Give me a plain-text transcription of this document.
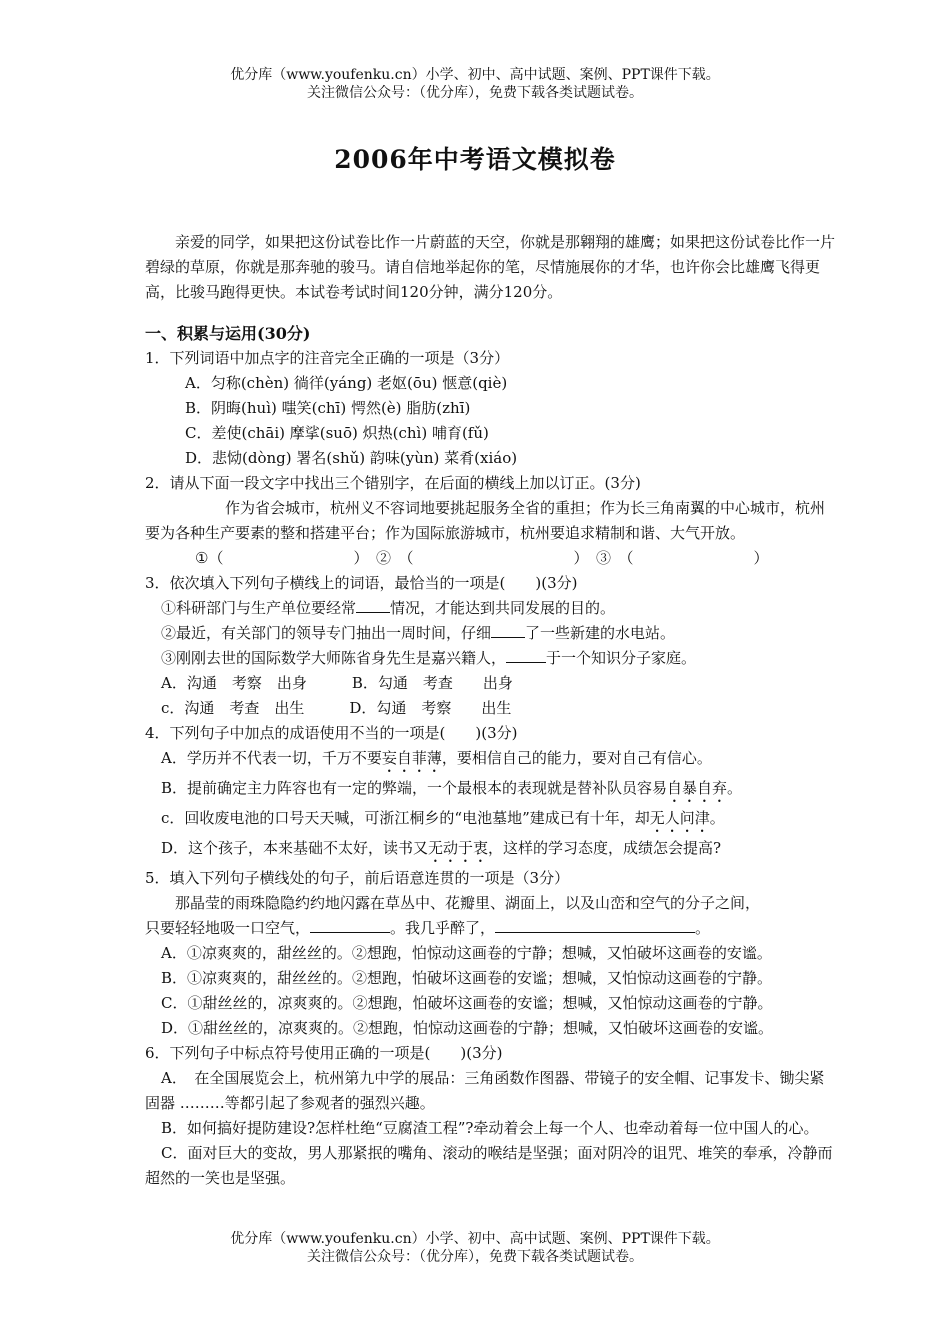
优分库（www.youfenku.cn）小学、初中、高中试题、案例、PPT课件下载。
关注微信公众号：（优分库），免费下载各类试题试卷。
2006年中考语文模拟卷

亲爱的同学，如果把这份试卷比作一片蔚蓝的天空，你就是那翱翔的雄鹰；如果把这份试卷比作一片碧绿的草原，你就是那奔驰的骏马。请自信地举起你的笔，尽情施展你的才华，也许你会比雄鹰飞得更高，比骏马跑得更快。本试卷考试时间120分钟，满分120分。

一、积累与运用(30分)
1．下列词语中加点字的注音完全正确的一项是（3分）
A．匀称(chèn) 徜徉(yáng) 老妪(ōu) 惬意(qiè)
B．阴晦(huì) 嗤笑(chī) 愕然(è) 脂肪(zhī)
C．差使(chāi) 摩挲(suō) 炽热(chì) 哺育(fǔ)
D．悲恸(dòng) 署名(shǔ) 韵味(yùn) 菜肴(xiáo)
2．请从下面一段文字中找出三个错别字，在后面的横线上加以订正。(3分)
作为省会城市，杭州义不容词地要挑起服务全省的重担；作为长三角南翼的中心城市，杭州要为各种生产要素的整和搭建平台；作为国际旅游城市，杭州要追求精制和谐、大气开放。
①（	）　②　（	）　③　（	）
3．依次填入下列句子横线上的词语，最恰当的一项是(　　)(3分)
①科研部门与生产单位要经常 情况，才能达到共同发展的目的。
②最近，有关部门的领导专门抽出一周时间，仔细 了一些新建的水电站。
③刚刚去世的国际数学大师陈省身先生是嘉兴籍人，	于一个知识分子家庭。
A．沟通　考察　出身　　　B．勾通　考查　　出身
c．沟通　考查　出生　　　D．勾通　考察　　出生
4．下列句子中加点的成语使用不当的一项是(　　)(3分)
A．学历并不代表一切，千万不要妄自菲薄，要相信自己的能力，要对自己有信心。
B．提前确定主力阵容也有一定的弊端，一个最根本的表现就是替补队员容易自暴自弃。
c．回收废电池的口号天天喊，可浙江桐乡的“电池墓地”建成已有十年，却无人问津。
D．这个孩子，本来基础不太好，读书又无动于衷，这样的学习态度，成绩怎会提高?
5．填入下列句子横线处的句子，前后语意连贯的一项是（3分）
那晶莹的雨珠隐隐约约地闪露在草丛中、花瓣里、湖面上，以及山峦和空气的分子之间，
只要轻轻地吸一口空气，	。我几乎醉了，	。
A．①凉爽爽的，甜丝丝的。②想跑，怕惊动这画卷的宁静；想喊，又怕破坏这画卷的安谧。
B．①凉爽爽的，甜丝丝的。②想跑，怕破坏这画卷的安谧；想喊，又怕惊动这画卷的宁静。
C．①甜丝丝的，凉爽爽的。②想跑，怕破坏这画卷的安谧；想喊，又怕惊动这画卷的宁静。
D．①甜丝丝的，凉爽爽的。②想跑，怕惊动这画卷的宁静；想喊，又怕破坏这画卷的安谧。
6．下列句子中标点符号使用正确的一项是(　　)(3分)
A．　在全国展览会上，杭州第九中学的展品：三角函数作图器、带镜子的安全帽、记事发卡、锄尖紧固器 ………等都引起了参观者的强烈兴趣。
B．如何搞好提防建设?怎样杜绝“豆腐渣工程”?牵动着会上每一个人、也牵动着每一位中国人的心。
C．面对巨大的变故，男人那紧抿的嘴角、滚动的喉结是坚强；面对阴冷的诅咒、堆笑的奉承，冷静而超然的一笑也是坚强。
优分库（www.youfenku.cn）小学、初中、高中试题、案例、PPT课件下载。
关注微信公众号：（优分库），免费下载各类试题试卷。
